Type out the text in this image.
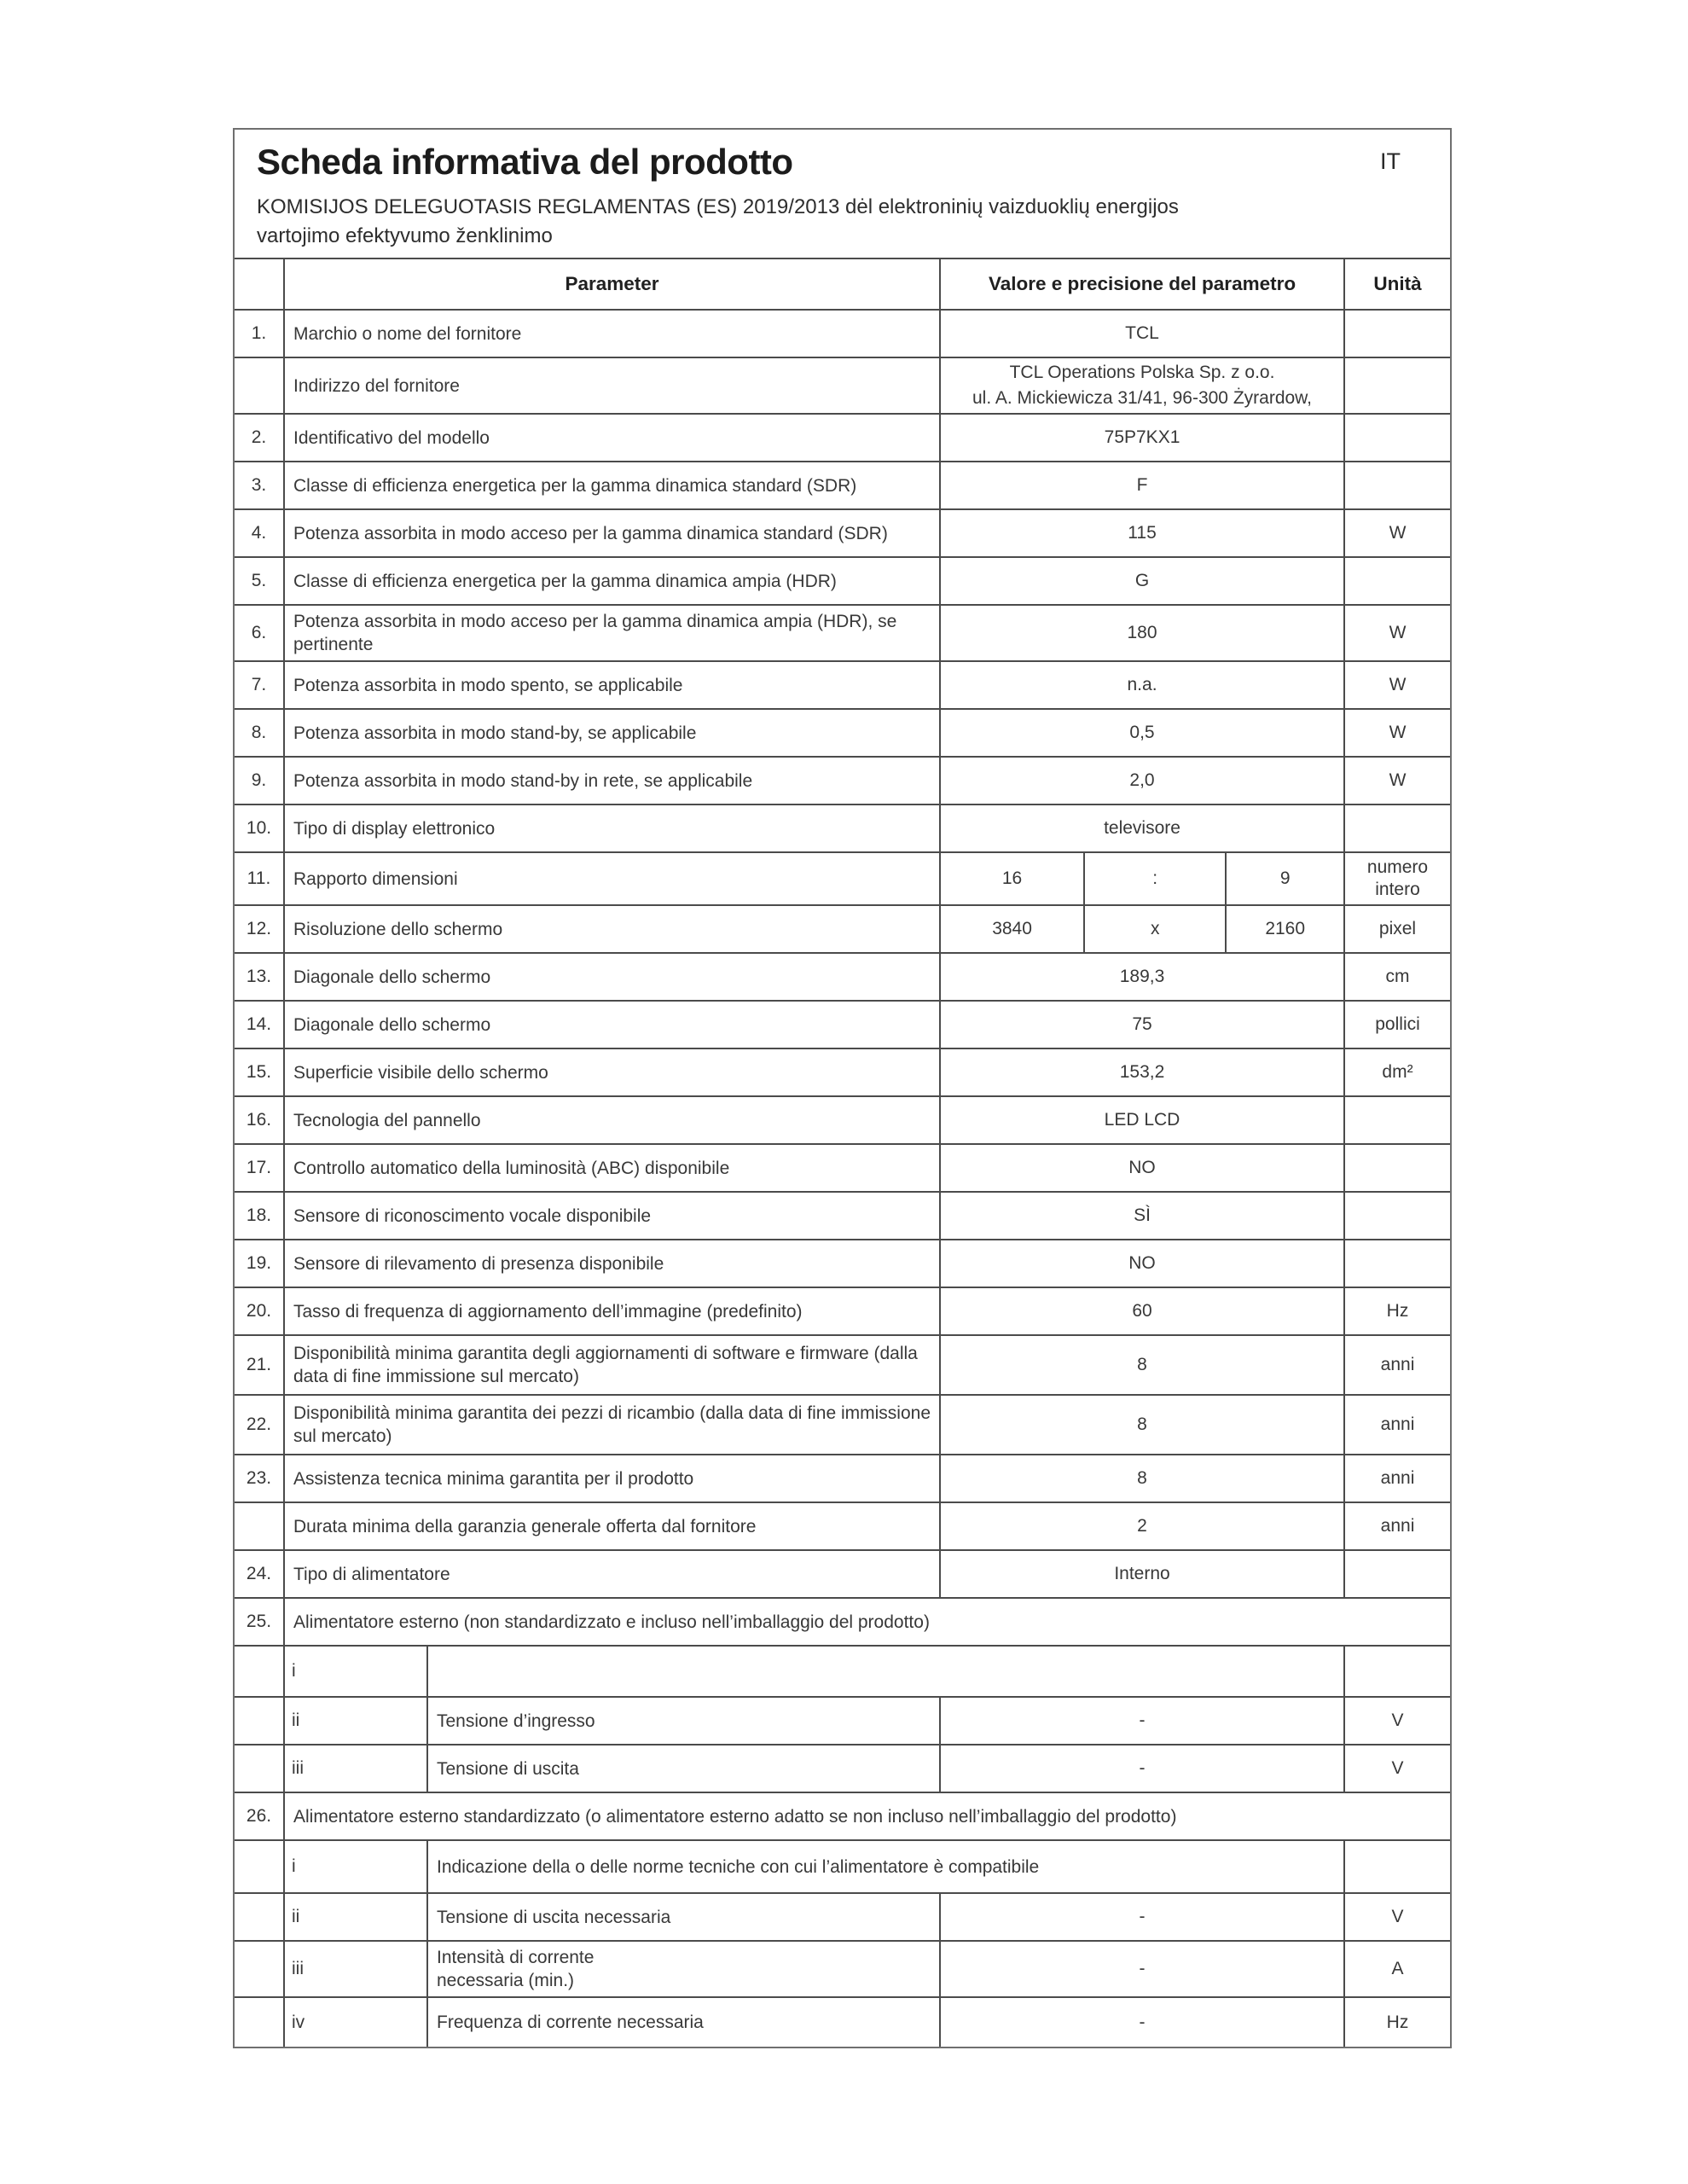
Scheda informativa del prodotto	IT
KOMISIJOS DELEGUOTASIS REGLAMENTAS (ES) 2019/2013 dėl elektroninių vaizduoklių energijos
vartojimo efektyvumo ženklinimo
	Parameter		Valore e precisione del parametro	Unità
1.	Marchio o nome del fornitore		TCL	
	Indirizzo del fornitore		TCL Operations Polska Sp. z o.o.
ul. A. Mickiewicza 31/41, 96-300 Żyrardow,	

2.	Identificativo del modello		75P7KX1	
3.	Classe di efficienza energetica per la gamma dinamica standard (SDR)		F	
4.	Potenza assorbita in modo acceso per la gamma dinamica standard (SDR)		115	W
5.	Classe di efficienza energetica per la gamma dinamica ampia (HDR)		G	
6.	Potenza assorbita in modo acceso per la gamma dinamica ampia (HDR), se pertinente		180	W
7.	Potenza assorbita in modo spento, se applicabile		n.a.	W
8.	Potenza assorbita in modo stand-by, se applicabile		0,5	W
9.	Potenza assorbita in modo stand-by in rete, se applicabile		2,0	W
10.	Tipo di display elettronico		televisore	
11.	Rapporto dimensioni		16 : 9	numero intero
12.	Risoluzione dello schermo		3840 x 2160	pixel
13.	Diagonale dello schermo		189,3	cm
14.	Diagonale dello schermo		75	pollici
15.	Superficie visibile dello schermo		153,2	dm²
16.	Tecnologia del pannello		LED LCD	
17.	Controllo automatico della luminosità (ABC) disponibile		NO	
18.	Sensore di riconoscimento vocale disponibile		SÌ	
19.	Sensore di rilevamento di presenza disponibile		NO	
20.	Tasso di frequenza di aggiornamento dell’immagine (predefinito)		60	Hz
21.	Disponibilità minima garantita degli aggiornamenti di software e firmware (dalla data di fine immissione sul mercato)		8	anni
22.	Disponibilità minima garantita dei pezzi di ricambio (dalla data di fine immissione sul mercato)		8	anni
23.	Assistenza tecnica minima garantita per il prodotto		8	anni
	Durata minima della garanzia generale offerta dal fornitore		2	anni
24.	Tipo di alimentatore		Interno	
25.	Alimentatore esterno (non standardizzato e incluso nell’imballaggio del prodotto)			
	i			
	ii	Tensione d’ingresso	-	V
	iii	Tensione di uscita	-	V
26.	Alimentatore esterno standardizzato (o alimentatore esterno adatto se non incluso nell’imballaggio del prodotto)			
	i	Indicazione della o delle norme tecniche con cui l’alimentatore è compatibile		
	ii	Tensione di uscita necessaria	-	V
	iii	Intensità di corrente
necessaria (min.)	-	A
	iv	Frequenza di corrente necessaria	-	Hz
